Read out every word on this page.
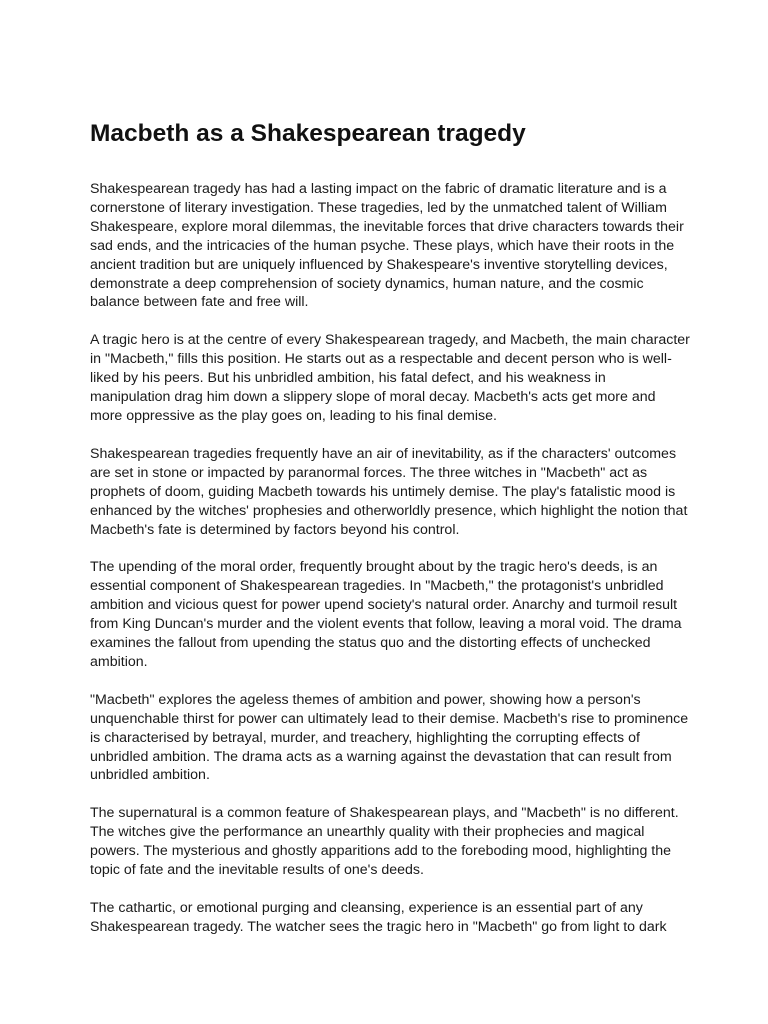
Macbeth as a Shakespearean tragedy

Shakespearean tragedy has had a lasting impact on the fabric of dramatic literature and is a cornerstone of literary investigation. These tragedies, led by the unmatched talent of William Shakespeare, explore moral dilemmas, the inevitable forces that drive characters towards their sad ends, and the intricacies of the human psyche. These plays, which have their roots in the ancient tradition but are uniquely influenced by Shakespeare's inventive storytelling devices, demonstrate a deep comprehension of society dynamics, human nature, and the cosmic balance between fate and free will.

A tragic hero is at the centre of every Shakespearean tragedy, and Macbeth, the main character in "Macbeth," fills this position. He starts out as a respectable and decent person who is well-liked by his peers. But his unbridled ambition, his fatal defect, and his weakness in manipulation drag him down a slippery slope of moral decay. Macbeth's acts get more and more oppressive as the play goes on, leading to his final demise.

Shakespearean tragedies frequently have an air of inevitability, as if the characters' outcomes are set in stone or impacted by paranormal forces. The three witches in "Macbeth" act as prophets of doom, guiding Macbeth towards his untimely demise. The play's fatalistic mood is enhanced by the witches' prophesies and otherworldly presence, which highlight the notion that Macbeth's fate is determined by factors beyond his control.

The upending of the moral order, frequently brought about by the tragic hero's deeds, is an essential component of Shakespearean tragedies. In "Macbeth," the protagonist's unbridled ambition and vicious quest for power upend society's natural order. Anarchy and turmoil result from King Duncan's murder and the violent events that follow, leaving a moral void. The drama examines the fallout from upending the status quo and the distorting effects of unchecked ambition.

"Macbeth" explores the ageless themes of ambition and power, showing how a person's unquenchable thirst for power can ultimately lead to their demise. Macbeth's rise to prominence is characterised by betrayal, murder, and treachery, highlighting the corrupting effects of unbridled ambition. The drama acts as a warning against the devastation that can result from unbridled ambition.

The supernatural is a common feature of Shakespearean plays, and "Macbeth" is no different. The witches give the performance an unearthly quality with their prophecies and magical powers. The mysterious and ghostly apparitions add to the foreboding mood, highlighting the topic of fate and the inevitable results of one's deeds.

The cathartic, or emotional purging and cleansing, experience is an essential part of any Shakespearean tragedy. The watcher sees the tragic hero in "Macbeth" go from light to dark
